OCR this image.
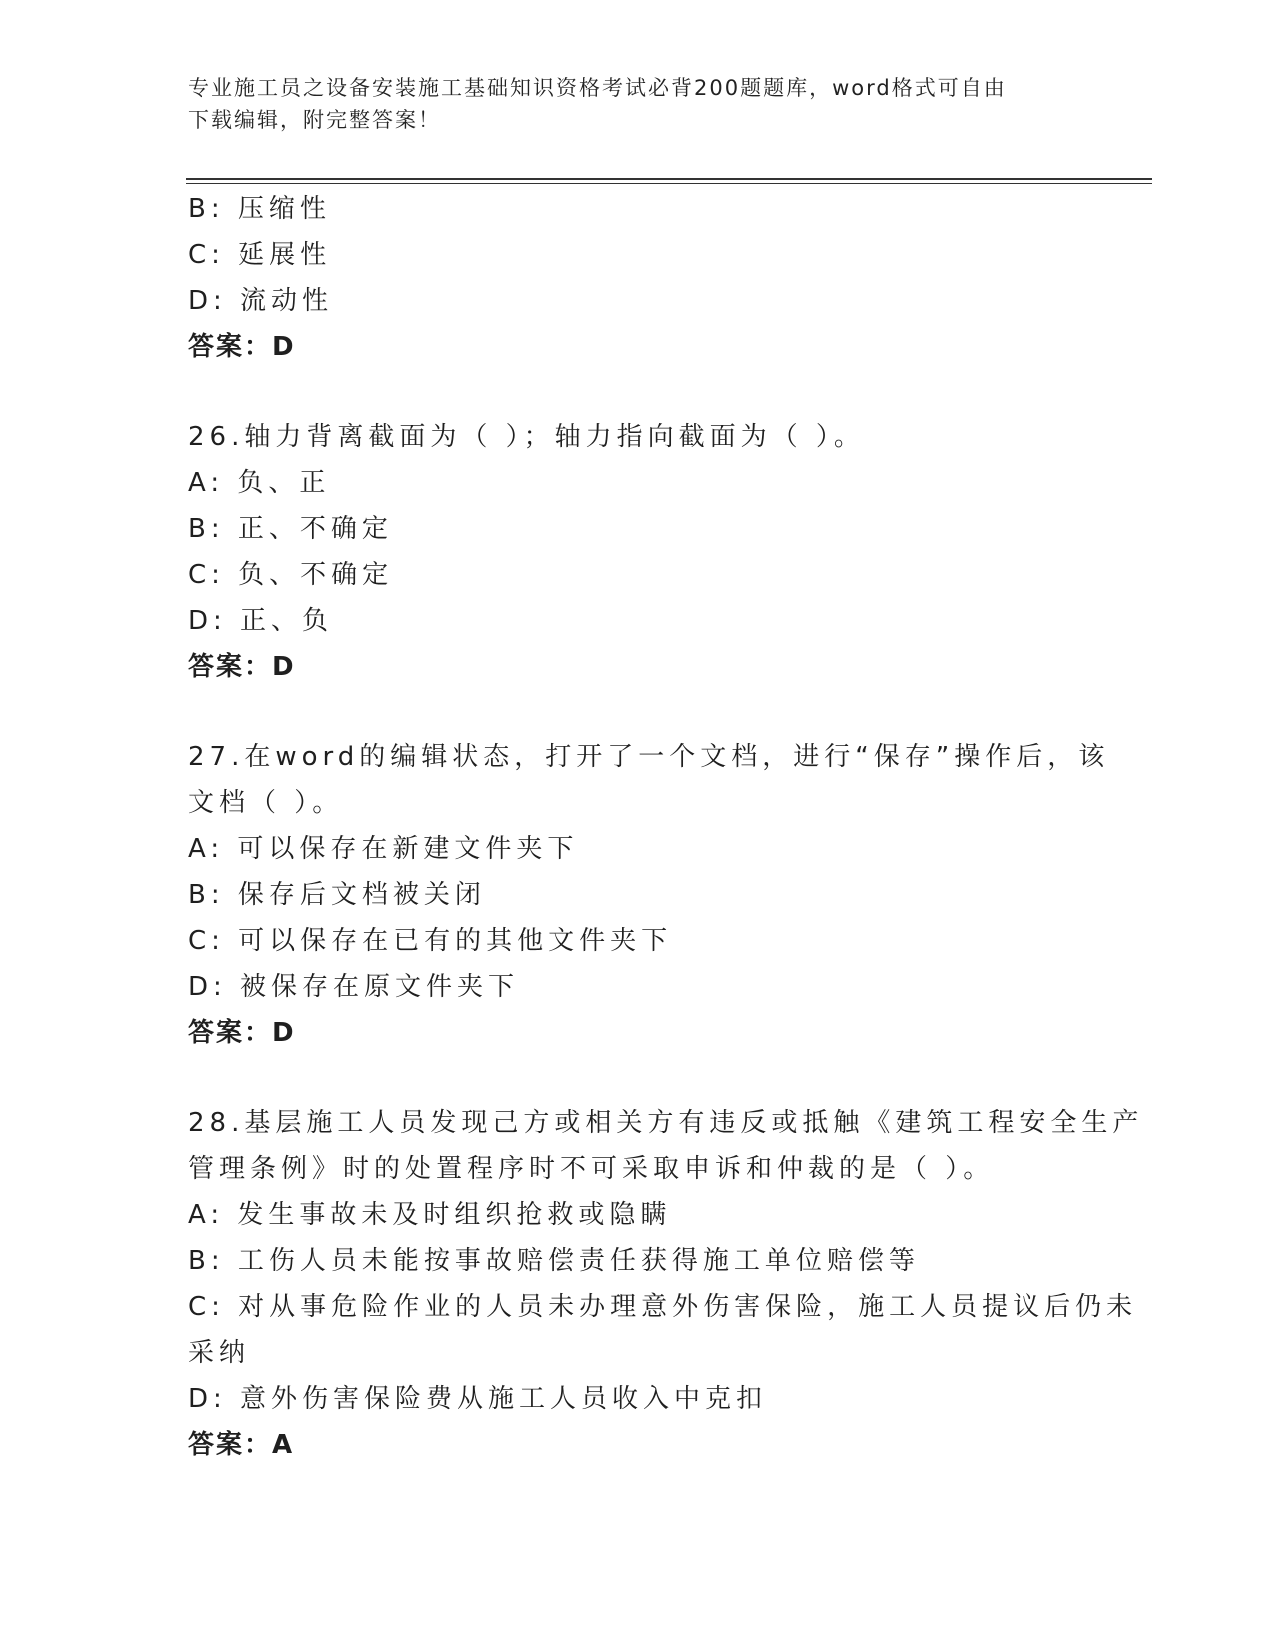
专业施工员之设备安装施工基础知识资格考试必背200题题库，word格式可自由
下载编辑，附完整答案！
B: 压缩性
C: 延展性
D: 流动性
答案：D
26.轴力背离截面为（ ）；轴力指向截面为（ ）。
A: 负、正
B: 正、不确定
C: 负、不确定
D: 正、负
答案：D
27.在word的编辑状态，打开了一个文档，进行“保存”操作后，该
文档（ ）。
A: 可以保存在新建文件夹下
B: 保存后文档被关闭
C: 可以保存在已有的其他文件夹下
D: 被保存在原文件夹下
答案：D
28.基层施工人员发现己方或相关方有违反或抵触《建筑工程安全生产
管理条例》时的处置程序时不可采取申诉和仲裁的是（ ）。
A: 发生事故未及时组织抢救或隐瞒
B: 工伤人员未能按事故赔偿责任获得施工单位赔偿等
C: 对从事危险作业的人员未办理意外伤害保险，施工人员提议后仍未
采纳
D: 意外伤害保险费从施工人员收入中克扣
答案：A
